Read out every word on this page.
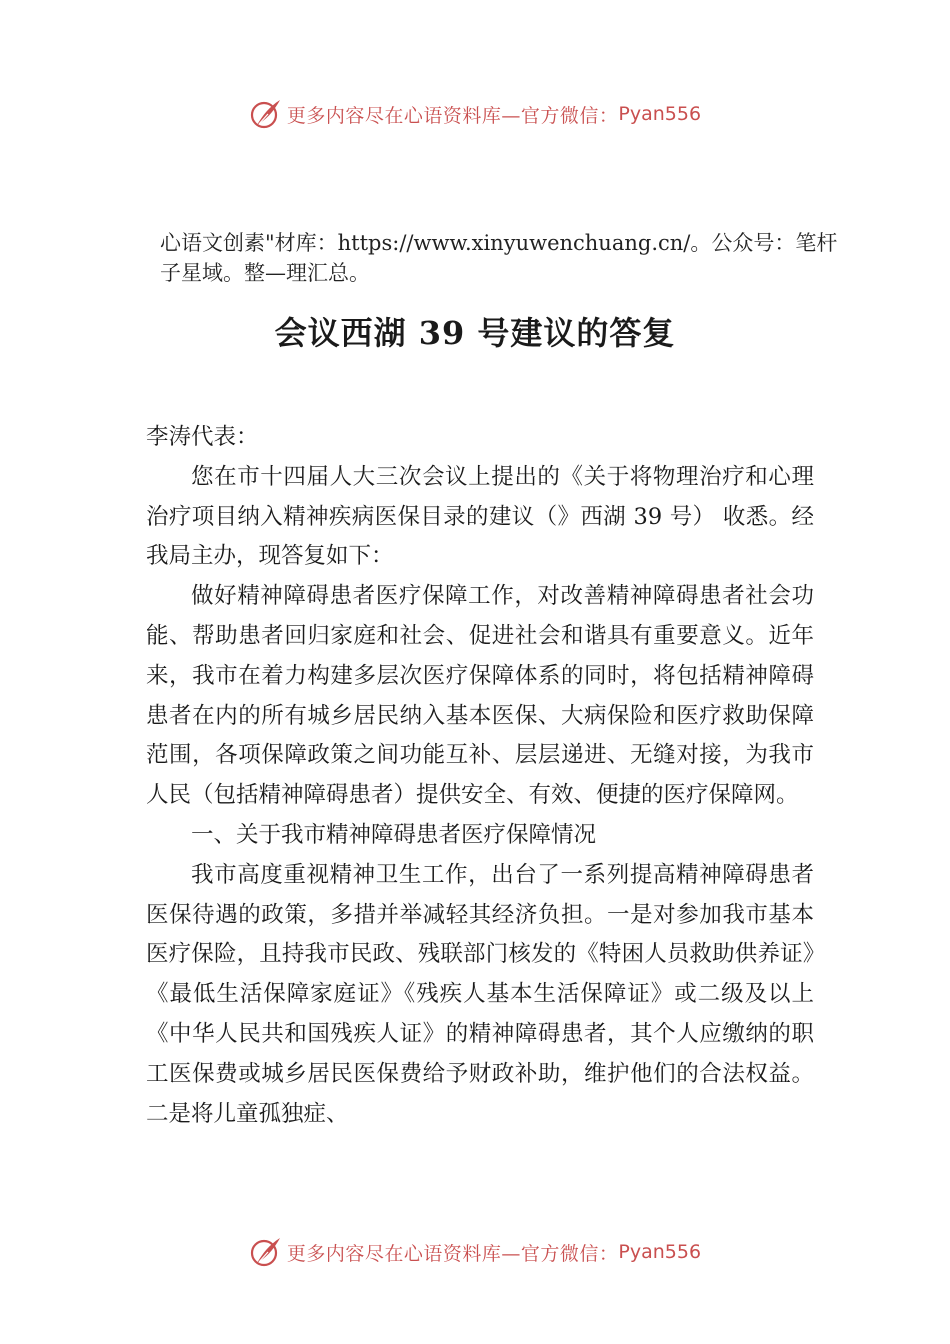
更多内容尽在心语资料库—官方微信： Pyan556
心语文创素"材库：https://www.xinyuwenchuang.cn/。公众号：笔杆子星域。整—理汇总。
会议西湖 39 号建议的答复

李涛代表：

您在市十四届人大三次会议上提出的《关于将物理治疗和心理治疗项目纳入精神疾病医保目录的建议（》西湖 39 号） 收悉。经我局主办，现答复如下：

做好精神障碍患者医疗保障工作，对改善精神障碍患者社会功能、帮助患者回归家庭和社会、促进社会和谐具有重要意义。近年来，我市在着力构建多层次医疗保障体系的同时，将包括精神障碍患者在内的所有城乡居民纳入基本医保、大病保险和医疗救助保障范围，各项保障政策之间功能互补、层层递进、无缝对接，为我市人民（包括精神障碍患者）提供安全、有效、便捷的医疗保障网。

一、关于我市精神障碍患者医疗保障情况

我市高度重视精神卫生工作，出台了一系列提高精神障碍患者医保待遇的政策，多措并举减轻其经济负担。一是对参加我市基本医疗保险，且持我市民政、残联部门核发的《特困人员救助供养证》《最低生活保障家庭证》《残疾人基本生活保障证》或二级及以上《中华人民共和国残疾人证》的精神障碍患者，其个人应缴纳的职工医保费或城乡居民医保费给予财政补助，维护他们的合法权益。二是将儿童孤独症、

更多内容尽在心语资料库—官方微信： Pyan556
